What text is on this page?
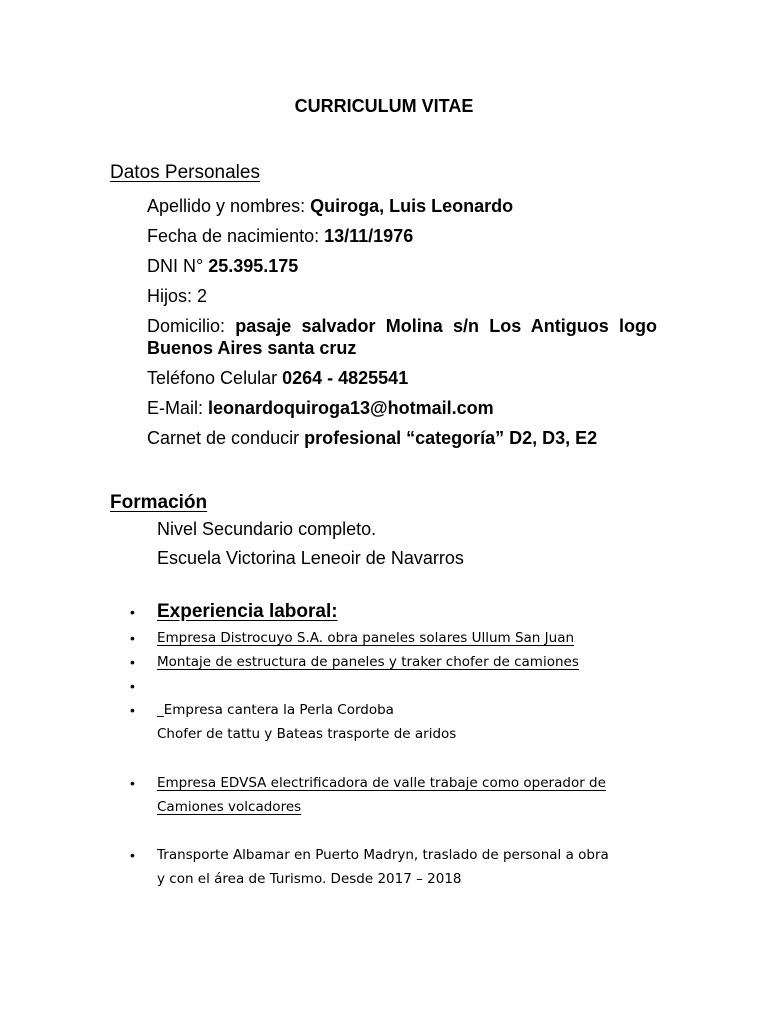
CURRICULUM VITAE
Datos Personales
Apellido y nombres: Quiroga, Luis Leonardo
Fecha de nacimiento: 13/11/1976
DNI N° 25.395.175
Hijos: 2
Domicilio: pasaje salvador Molina s/n Los Antiguos logo Buenos Aires santa cruz
Teléfono Celular 0264 - 4825541
E-Mail: leonardoquiroga13@hotmail.com
Carnet de conducir profesional “categoría” D2, D3, E2
Formación
Nivel Secundario completo.
Escuela Victorina Leneoir de Navarros
• Experiencia laboral:
• Empresa Distrocuyo S.A. obra paneles solares Ullum San Juan
• Montaje de estructura de paneles y traker chofer de camiones
•
• _Empresa cantera la Perla Cordoba
Chofer de tattu y Bateas trasporte de aridos
• Empresa EDVSA electrificadora de valle trabaje como operador de
Camiones volcadores
• Transporte Albamar en Puerto Madryn, traslado de personal a obra
y con el área de Turismo. Desde 2017 – 2018
